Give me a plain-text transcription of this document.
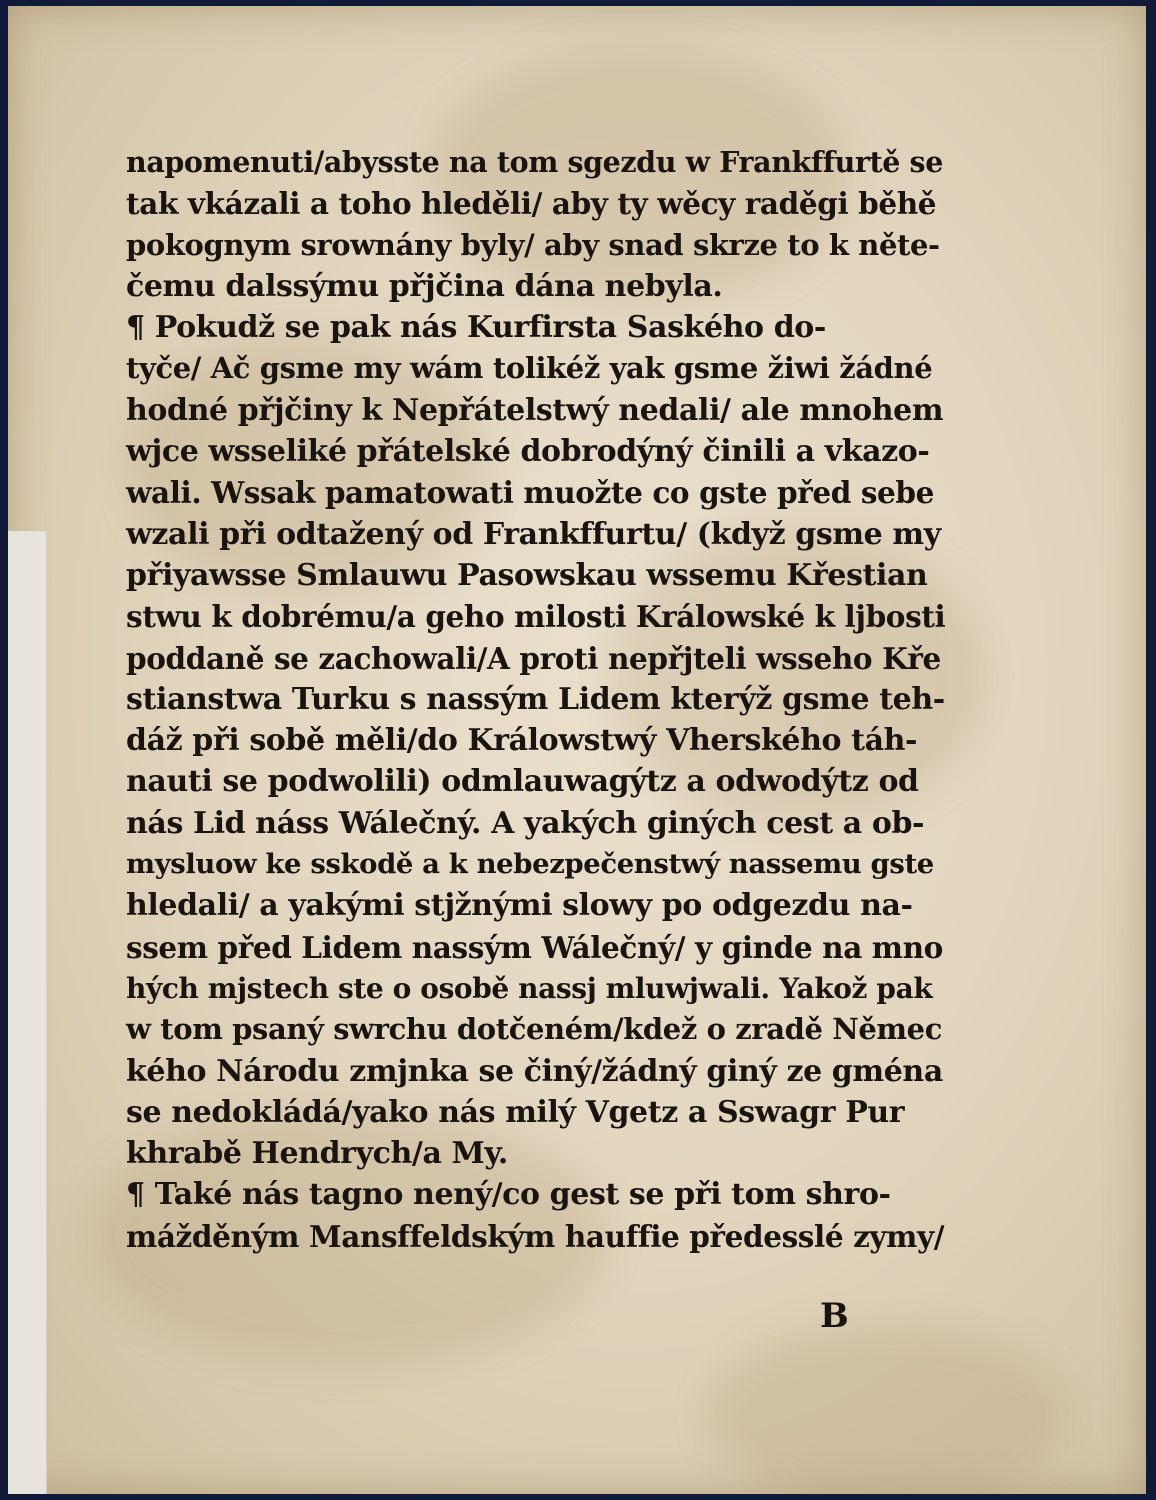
napomenuti/abysste na tom sgezdu w Frankffurtě se
tak vkázali a toho hleděli/ aby ty wěcy raděgi běhě
pokognym srownány byly/ aby snad skrze to k něte-
čemu dalssýmu přjčina dána nebyla.
¶ Pokudž se pak nás Kurfirsta Saského do-
tyče/ Ač gsme my wám tolikéž yak gsme žiwi žádné
hodné přjčiny k Nepřátelstwý nedali/ ale mnohem
wjce wsseliké přátelské dobrodýný činili a vkazo-
wali. Wssak pamatowati muožte co gste před sebe
wzali při odtažený od Frankffurtu/ (když gsme my
přiyawsse Smlauwu Pasowskau wssemu Křestian
stwu k dobrému/a geho milosti Králowské k ljbosti
poddaně se zachowali/A proti nepřjteli wsseho Kře
stianstwa Turku s nassým Lidem kterýž gsme teh-
dáž při sobě měli/do Králowstwý Vherského táh-
nauti se podwolili) odmlauwagýtz a odwodýtz od
nás Lid náss Wálečný. A yakých giných cest a ob-
mysluow ke sskodě a k nebezpečenstwý nassemu gste
hledali/ a yakými stjžnými slowy po odgezdu na-
ssem před Lidem nassým Wálečný/ y ginde na mno
hých mjstech ste o osobě nassj mluwjwali. Yakož pak
w tom psaný swrchu dotčeném/kdež o zradě Němec
kého Národu zmjnka se činý/žádný giný ze gména
se nedokládá/yako nás milý Vgetz a Sswagr Pur
khrabě Hendrych/a My.
¶ Také nás tagno nený/co gest se při tom shro-
mážděným Mansffeldským hauffie předesslé zymy/
B
